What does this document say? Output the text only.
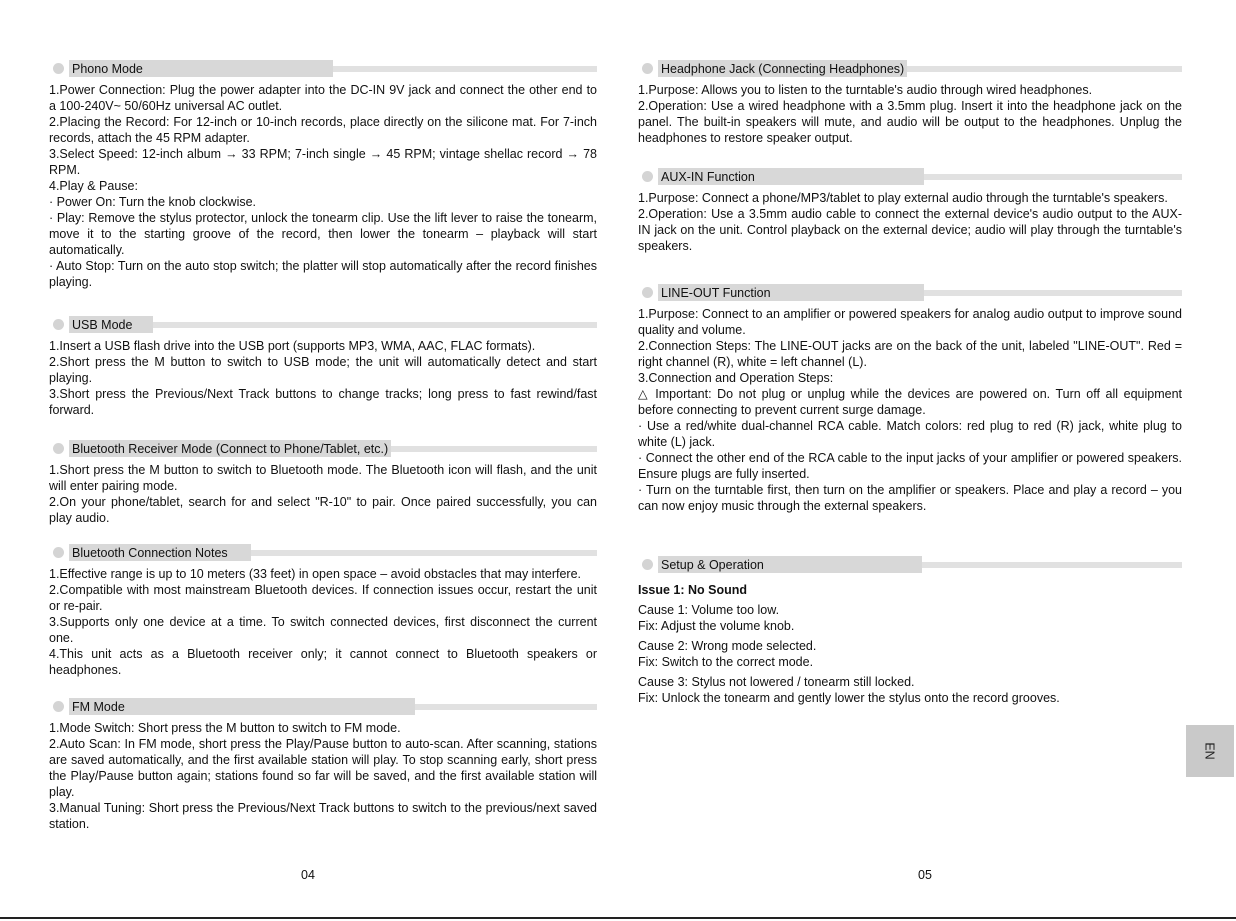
Phono Mode

1.Power Connection: Plug the power adapter into the DC-IN 9V jack and connect the other end to a 100-240V~ 50/60Hz universal AC outlet.

2.Placing the Record: For 12-inch or 10-inch records, place directly on the silicone mat. For 7-inch records, attach the 45 RPM adapter.

3.Select Speed: 12-inch album → 33 RPM; 7-inch single → 45 RPM; vintage shellac record → 78 RPM.

4.Play & Pause:

· Power On: Turn the knob clockwise.

· Play: Remove the stylus protector, unlock the tonearm clip. Use the lift lever to raise the tonearm, move it to the starting groove of the record, then lower the tonearm – playback will start automatically.

· Auto Stop: Turn on the auto stop switch; the platter will stop automatically after the record finishes playing.

USB Mode

1.Insert a USB flash drive into the USB port (supports MP3, WMA, AAC, FLAC formats).

2.Short press the M button to switch to USB mode; the unit will automatically detect and start playing.

3.Short press the Previous/Next Track buttons to change tracks; long press to fast rewind/fast forward.

Bluetooth Receiver Mode (Connect to Phone/Tablet, etc.)

1.Short press the M button to switch to Bluetooth mode. The Bluetooth icon will flash, and the unit will enter pairing mode.

2.On your phone/tablet, search for and select "R-10" to pair. Once paired successfully, you can play audio.

Bluetooth Connection Notes

1.Effective range is up to 10 meters (33 feet) in open space – avoid obstacles that may interfere.

2.Compatible with most mainstream Bluetooth devices. If connection issues occur, restart the unit or re-pair.

3.Supports only one device at a time. To switch connected devices, first disconnect the current one.

4.This unit acts as a Bluetooth receiver only; it cannot connect to Bluetooth speakers or headphones.

FM Mode

1.Mode Switch: Short press the M button to switch to FM mode.

2.Auto Scan: In FM mode, short press the Play/Pause button to auto-scan. After scanning, stations are saved automatically, and the first available station will play. To stop scanning early, short press the Play/Pause button again; stations found so far will be saved, and the first available station will play.

3.Manual Tuning: Short press the Previous/Next Track buttons to switch to the previous/next saved station.

Headphone Jack (Connecting Headphones)

1.Purpose: Allows you to listen to the turntable's audio through wired headphones.

2.Operation: Use a wired headphone with a 3.5mm plug. Insert it into the headphone jack on the panel. The built-in speakers will mute, and audio will be output to the headphones. Unplug the headphones to restore speaker output.

AUX-IN Function

1.Purpose: Connect a phone/MP3/tablet to play external audio through the turntable's speakers.

2.Operation: Use a 3.5mm audio cable to connect the external device's audio output to the AUX-IN jack on the unit. Control playback on the external device; audio will play through the turntable's speakers.

LINE-OUT Function

1.Purpose: Connect to an amplifier or powered speakers for analog audio output to improve sound quality and volume.

2.Connection Steps: The LINE-OUT jacks are on the back of the unit, labeled "LINE-OUT". Red = right channel (R), white = left channel (L).

3.Connection and Operation Steps:

△ Important: Do not plug or unplug while the devices are powered on. Turn off all equipment before connecting to prevent current surge damage.

· Use a red/white dual-channel RCA cable. Match colors: red plug to red (R) jack, white plug to white (L) jack.

· Connect the other end of the RCA cable to the input jacks of your amplifier or powered speakers. Ensure plugs are fully inserted.

· Turn on the turntable first, then turn on the amplifier or speakers. Place and play a record – you can now enjoy music through the external speakers.

Setup & Operation

Issue 1: No Sound

Cause 1: Volume too low.

Fix: Adjust the volume knob.

Cause 2: Wrong mode selected.

Fix: Switch to the correct mode.

Cause 3: Stylus not lowered / tonearm still locked.

Fix: Unlock the tonearm and gently lower the stylus onto the record grooves.

04	05
EN
